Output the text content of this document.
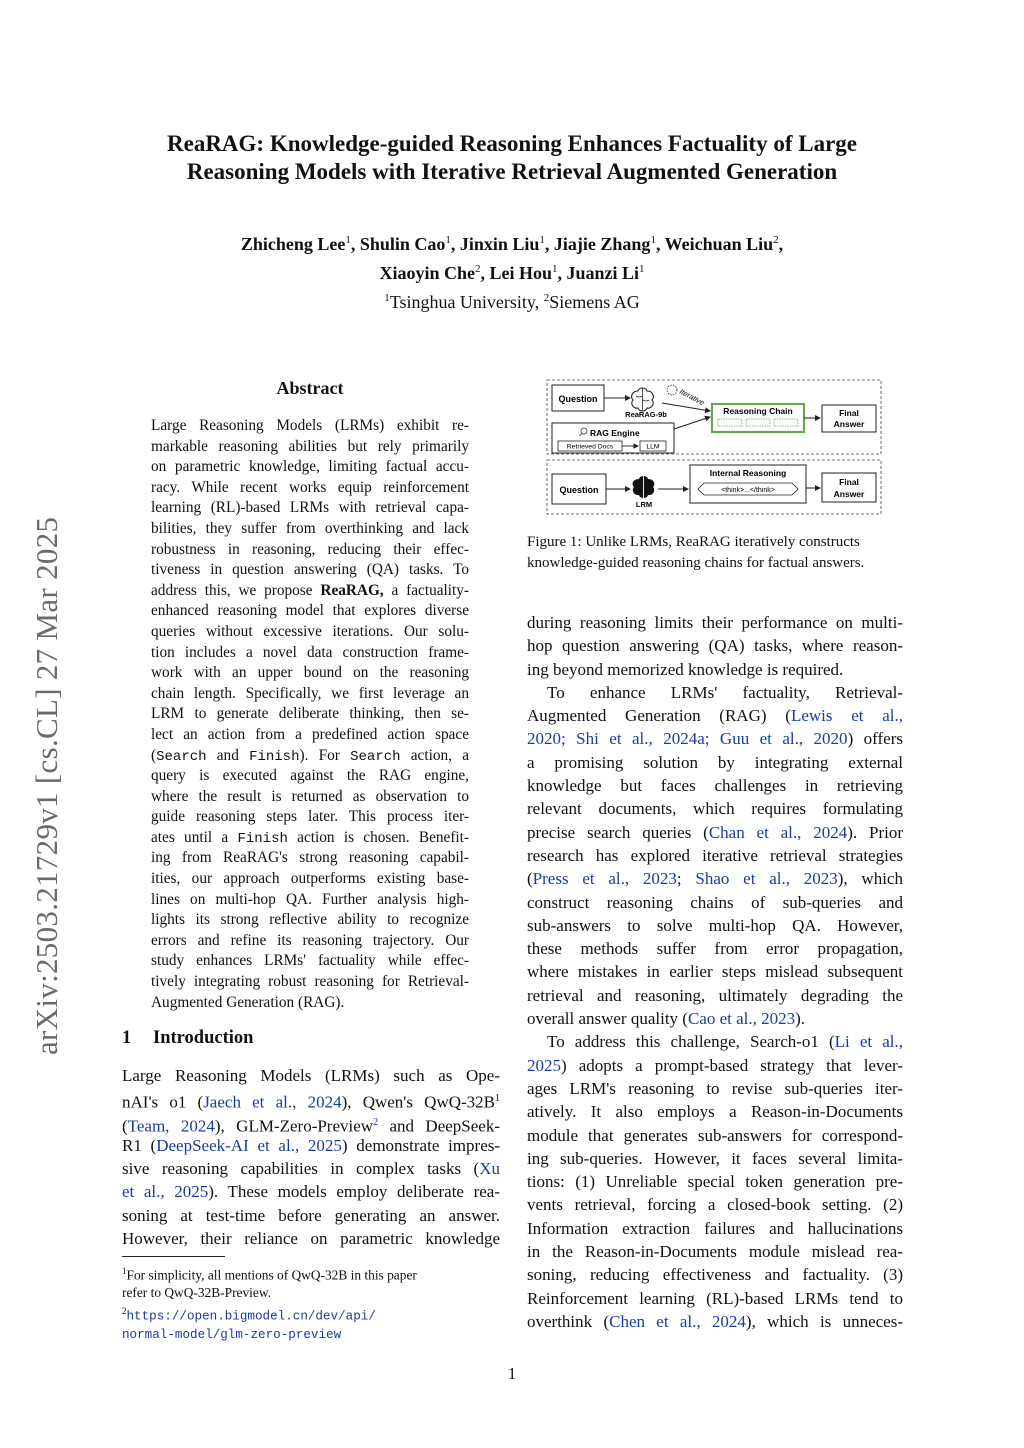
arXiv:2503.21729v1 [cs.CL] 27 Mar 2025
ReaRAG: Knowledge-guided Reasoning Enhances Factuality of Large
Reasoning Models with Iterative Retrieval Augmented Generation
Zhicheng Lee$^1$, Shulin Cao$^1$, Jinxin Liu$^1$, Jiajie Zhang$^1$, Weichuan Liu$^2$,
Xiaoyin Che$^2$, Lei Hou$^1$, Juanzi Li$^1$
$^1$Tsinghua University, $^2$Siemens AG
Abstract
Large Reasoning Models (LRMs) exhibit re-
markable reasoning abilities but rely primarily
on parametric knowledge, limiting factual accu-
racy. While recent works equip reinforcement
learning (RL)-based LRMs with retrieval capa-
bilities, they suffer from overthinking and lack
robustness in reasoning, reducing their effec-
tiveness in question answering (QA) tasks. To
address this, we propose ReaRAG, a factuality-
enhanced reasoning model that explores diverse
queries without excessive iterations. Our solu-
tion includes a novel data construction frame-
work with an upper bound on the reasoning
chain length. Specifically, we first leverage an
LRM to generate deliberate thinking, then se-
lect an action from a predefined action space
(Search and Finish). For Search action, a
query is executed against the RAG engine,
where the result is returned as observation to
guide reasoning steps later. This process iter-
ates until a Finish action is chosen. Benefit-
ing from ReaRAG's strong reasoning capabil-
ities, our approach outperforms existing base-
lines on multi-hop QA. Further analysis high-
lights its strong reflective ability to recognize
errors and refine its reasoning trajectory. Our
study enhances LRMs' factuality while effec-
tively integrating robust reasoning for Retrieval-
Augmented Generation (RAG).
1 Introduction
Large Reasoning Models (LRMs) such as Ope-
nAI's o1 (Jaech et al., 2024), Qwen's QwQ-$32B^1$
(Team, 2024), GLM-Zero-Preview$^2$ and DeepSeek-
R1 (DeepSeek-AI et al., 2025) demonstrate impres-
sive reasoning capabilities in complex tasks (Xu
et al., 2025). These models employ deliberate rea-
soning at test-time before generating an answer.
However, their reliance on parametric knowledge
$^1$For simplicity, all mentions of QwQ-32B in this paper
refer to QwQ-32B-Preview.
$^2$https://open.bigmodel.cn/dev/api/
normal-model/glm-zero-preview
Question
ReaRAG-9b
Iterative
RAG Engine
Retrieved Docs	LLM
Reasoning Chain	Final
Answer
Question
LRM
Internal Reasoning
<think>...</think>
Final
Answer
Figure 1: Unlike LRMs, ReaRAG iteratively constructs
knowledge-guided reasoning chains for factual answers.
during reasoning limits their performance on multi-
hop question answering (QA) tasks, where reason-
ing beyond memorized knowledge is required.
To enhance LRMs' factuality, Retrieval-
Augmented Generation (RAG) (Lewis et al.,
2020; Shi et al., 2024a; Guu et al., 2020) offers
a promising solution by integrating external
knowledge but faces challenges in retrieving
relevant documents, which requires formulating
precise search queries (Chan et al., 2024). Prior
research has explored iterative retrieval strategies
(Press et al., 2023; Shao et al., 2023), which
construct reasoning chains of sub-queries and
sub-answers to solve multi-hop QA. However,
these methods suffer from error propagation,
where mistakes in earlier steps mislead subsequent
retrieval and reasoning, ultimately degrading the
overall answer quality (Cao et al., 2023).
To address this challenge, Search-o1 (Li et al.,
2025) adopts a prompt-based strategy that lever-
ages LRM's reasoning to revise sub-queries iter-
atively. It also employs a Reason-in-Documents
module that generates sub-answers for correspond-
ing sub-queries. However, it faces several limita-
tions: (1) Unreliable special token generation pre-
vents retrieval, forcing a closed-book setting. (2)
Information extraction failures and hallucinations
in the Reason-in-Documents module mislead rea-
soning, reducing effectiveness and factuality. (3)
Reinforcement learning (RL)-based LRMs tend to
overthink (Chen et al., 2024), which is unneces-
1
